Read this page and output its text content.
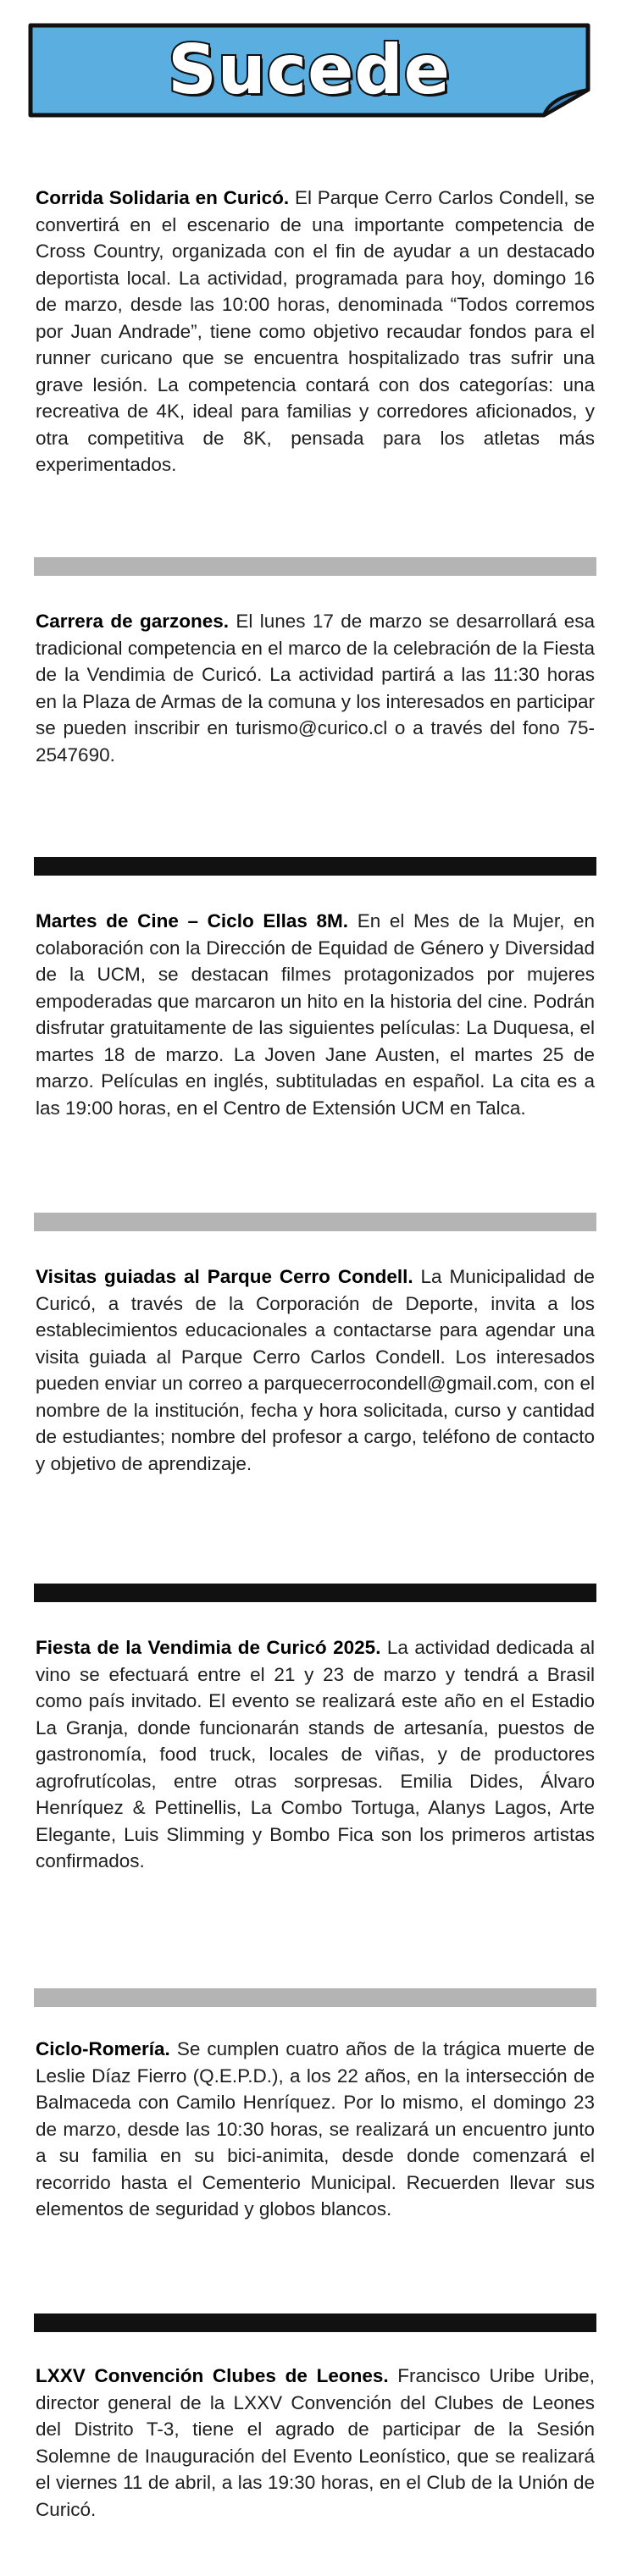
Sucede

Corrida Solidaria en Curicó. El Parque Cerro Carlos Condell, se convertirá en el escenario de una importante competencia de Cross Country, organizada con el fin de ayudar a un destacado deportista local. La actividad, programada para hoy, domingo 16 de marzo, desde las 10:00 horas, denominada “Todos corremos por Juan Andrade”, tiene como objetivo recaudar fondos para el runner curicano que se encuentra hospitalizado tras sufrir una grave lesión. La competencia contará con dos categorías: una recreativa de 4K, ideal para familias y corredores aficionados, y otra competitiva de 8K, pensada para los atletas más experimentados.

Carrera de garzones. El lunes 17 de marzo se desarrollará esa tradicional competencia en el marco de la celebración de la Fiesta de la Vendimia de Curicó. La actividad partirá a las 11:30 horas en la Plaza de Armas de la comuna y los interesados en participar se pueden inscribir en turismo@curico.cl o a través del fono 75-2547690.

Martes de Cine – Ciclo Ellas 8M. En el Mes de la Mujer, en colaboración con la Dirección de Equidad de Género y Diversidad de la UCM, se destacan filmes protagonizados por mujeres empoderadas que marcaron un hito en la historia del cine. Podrán disfrutar gratuitamente de las siguientes películas: La Duquesa, el martes 18 de marzo. La Joven Jane Austen, el martes 25 de marzo. Películas en inglés, subtituladas en español. La cita es a las 19:00 horas, en el Centro de Extensión UCM en Talca.

Visitas guiadas al Parque Cerro Condell. La Municipalidad de Curicó, a través de la Corporación de Deporte, invita a los establecimientos educacionales a contactarse para agendar una visita guiada al Parque Cerro Carlos Condell. Los interesados pueden enviar un correo a parquecerrocondell@gmail.com, con el nombre de la institución, fecha y hora solicitada, curso y cantidad de estudiantes; nombre del profesor a cargo, teléfono de contacto y objetivo de aprendizaje.

Fiesta de la Vendimia de Curicó 2025. La actividad dedicada al vino se efectuará entre el 21 y 23 de marzo y tendrá a Brasil como país invitado. El evento se realizará este año en el Estadio La Granja, donde funcionarán stands de artesanía, puestos de gastronomía, food truck, locales de viñas, y de productores agrofrutícolas, entre otras sorpresas. Emilia Dides, Álvaro Henríquez & Pettinellis, La Combo Tortuga, Alanys Lagos, Arte Elegante, Luis Slimming y Bombo Fica son los primeros artistas confirmados.

Ciclo-Romería. Se cumplen cuatro años de la trágica muerte de Leslie Díaz Fierro (Q.E.P.D.), a los 22 años, en la intersección de Balmaceda con Camilo Henríquez. Por lo mismo, el domingo 23 de marzo, desde las 10:30 horas, se realizará un encuentro junto a su familia en su bici-animita, desde donde comenzará el recorrido hasta el Cementerio Municipal. Recuerden llevar sus elementos de seguridad y globos blancos.

LXXV Convención Clubes de Leones. Francisco Uribe Uribe, director general de la LXXV Convención del Clubes de Leones del Distrito T-3, tiene el agrado de participar de la Sesión Solemne de Inauguración del Evento Leonístico, que se realizará el viernes 11 de abril, a las 19:30 horas, en el Club de la Unión de Curicó.
